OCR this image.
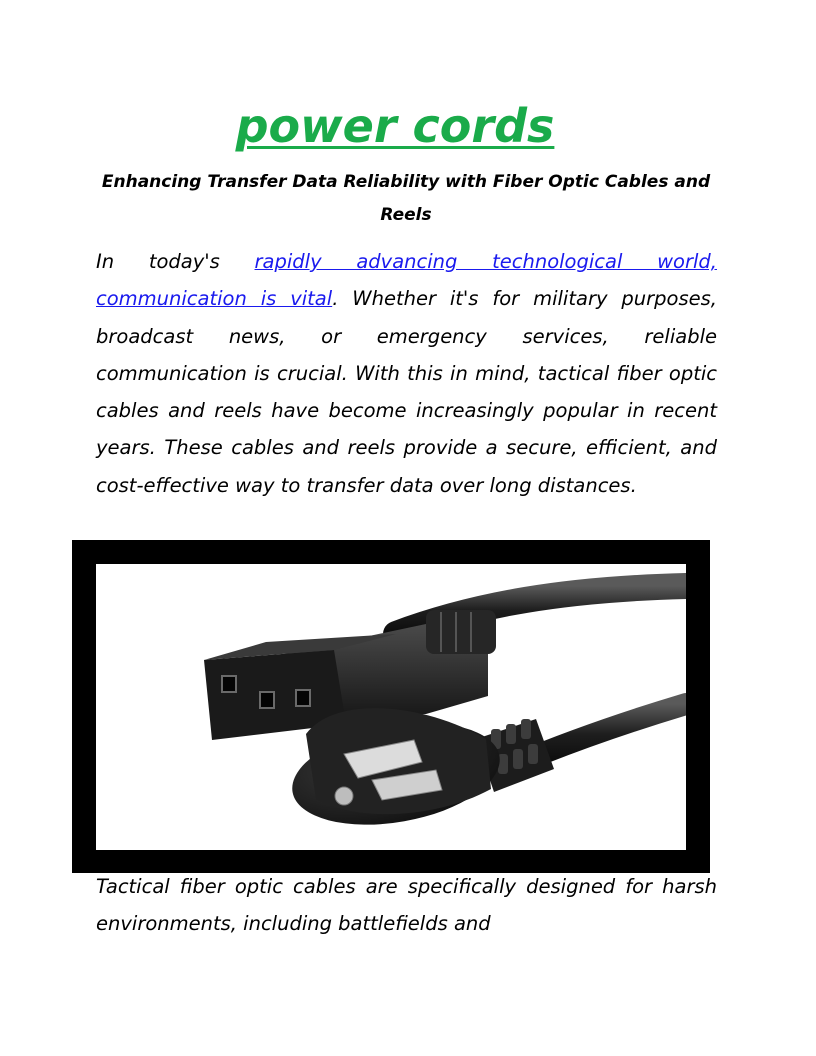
power cords

Enhancing Transfer Data Reliability with Fiber Optic Cables and Reels

In today's rapidly advancing technological world, communication is vital. Whether it's for military purposes, broadcast news, or emergency services, reliable communication is crucial. With this in mind, tactical fiber optic cables and reels have become increasingly popular in recent years. These cables and reels provide a secure, efficient, and cost-effective way to transfer data over long distances.

Tactical fiber optic cables are specifically designed for harsh environments, including battlefields and
